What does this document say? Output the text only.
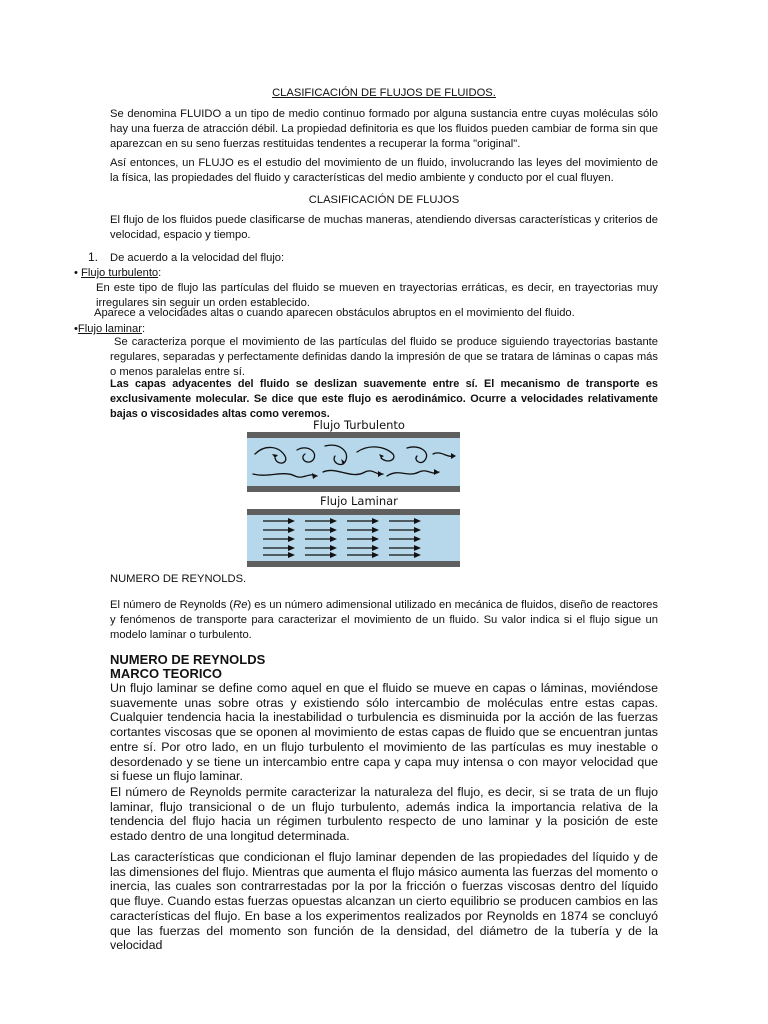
CLASIFICACIÓN DE FLUJOS DE FLUIDOS.
Se denomina FLUIDO a un tipo de medio continuo formado por alguna sustancia entre cuyas moléculas sólo hay una fuerza de atracción débil. La propiedad definitoria es que los fluidos pueden cambiar de forma sin que aparezcan en su seno fuerzas restituidas tendentes a recuperar la forma "original".
Así entonces, un FLUJO es el estudio del movimiento de un fluido, involucrando las leyes del movimiento de la física, las propiedades del fluido y características del medio ambiente y conducto por el cual fluyen.
CLASIFICACIÓN DE FLUJOS
El flujo de los fluidos puede clasificarse de muchas maneras, atendiendo diversas características y criterios de velocidad, espacio y tiempo.
1. De acuerdo a la velocidad del flujo:
• Flujo turbulento:
En este tipo de flujo las partículas del fluido se mueven en trayectorias erráticas, es decir, en trayectorias muy irregulares sin seguir un orden establecido.
Aparece a velocidades altas o cuando aparecen obstáculos abruptos en el movimiento del fluido.
•Flujo laminar:
Se caracteriza porque el movimiento de las partículas del fluido se produce siguiendo trayectorias bastante regulares, separadas y perfectamente definidas dando la impresión de que se tratara de láminas o capas más o menos paralelas entre sí.
Las capas adyacentes del fluido se deslizan suavemente entre sí. El mecanismo de transporte es exclusivamente molecular. Se dice que este flujo es aerodinámico. Ocurre a velocidades relativamente bajas o viscosidades altas como veremos.
Flujo Turbulento
Flujo Laminar
NUMERO DE REYNOLDS.
El número de Reynolds (Re) es un número adimensional utilizado en mecánica de fluidos, diseño de reactores y fenómenos de transporte para caracterizar el movimiento de un fluido. Su valor indica si el flujo sigue un modelo laminar o turbulento.
NUMERO DE REYNOLDS
MARCO TEORICO
Un flujo laminar se define como aquel en que el fluido se mueve en capas o láminas, moviéndose suavemente unas sobre otras y existiendo sólo intercambio de moléculas entre estas capas. Cualquier tendencia hacia la inestabilidad o turbulencia es disminuida por la acción de las fuerzas cortantes viscosas que se oponen al movimiento de estas capas de fluido que se encuentran juntas entre sí. Por otro lado, en un flujo turbulento el movimiento de las partículas es muy inestable o desordenado y se tiene un intercambio entre capa y capa muy intensa o con mayor velocidad que si fuese un flujo laminar.
El número de Reynolds permite caracterizar la naturaleza del flujo, es decir, si se trata de un flujo laminar, flujo transicional o de un flujo turbulento, además indica la importancia relativa de la tendencia del flujo hacia un régimen turbulento respecto de uno laminar y la posición de este estado dentro de una longitud determinada.
Las características que condicionan el flujo laminar dependen de las propiedades del líquido y de las dimensiones del flujo. Mientras que aumenta el flujo másico aumenta las fuerzas del momento o inercia, las cuales son contrarrestadas por la por la fricción o fuerzas viscosas dentro del líquido que fluye. Cuando estas fuerzas opuestas alcanzan un cierto equilibrio se producen cambios en las características del flujo. En base a los experimentos realizados por Reynolds en 1874 se concluyó que las fuerzas del momento son función de la densidad, del diámetro de la tubería y de la velocidad
